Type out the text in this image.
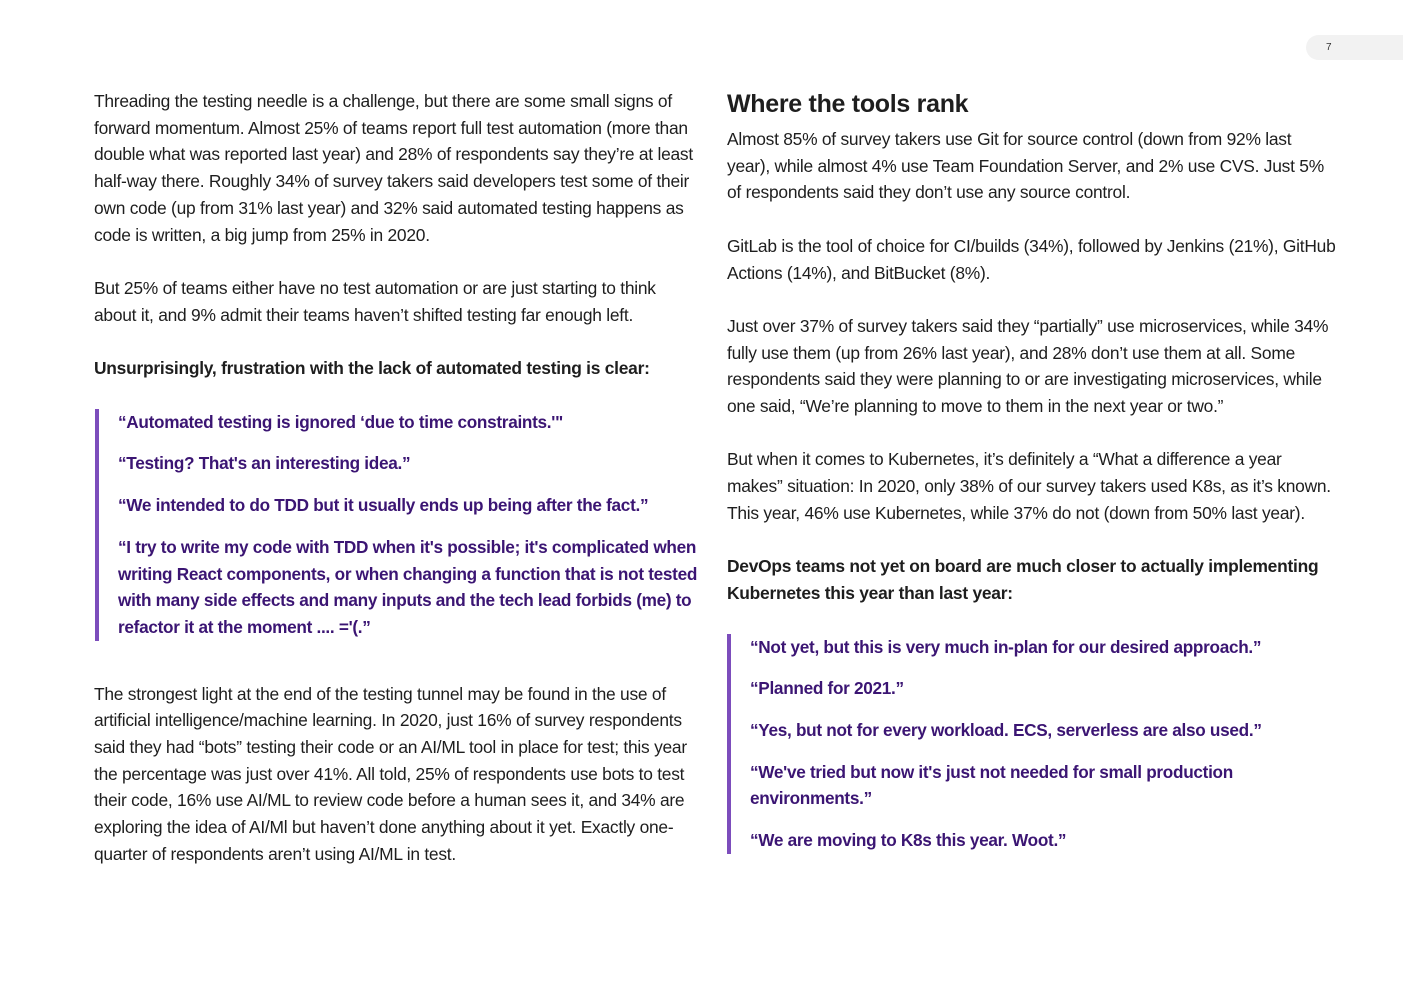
7

Threading the testing needle is a challenge, but there are some small signs of forward momentum. Almost 25% of teams report full test automation (more than double what was reported last year) and 28% of respondents say they’re at least half-way there. Roughly 34% of survey takers said developers test some of their own code (up from 31% last year) and 32% said automated testing happens as code is written, a big jump from 25% in 2020.

But 25% of teams either have no test automation or are just starting to think about it, and 9% admit their teams haven’t shifted testing far enough left.

Unsurprisingly, frustration with the lack of automated testing is clear:

“Automated testing is ignored ‘due to time constraints.'"

“Testing? That's an interesting idea.”

“We intended to do TDD but it usually ends up being after the fact.”

“I try to write my code with TDD when it's possible; it's complicated when writing React components, or when changing a function that is not tested with many side effects and many inputs and the tech lead forbids (me) to refactor it at the moment .... ='(.”

The strongest light at the end of the testing tunnel may be found in the use of artificial intelligence/machine learning. In 2020, just 16% of survey respondents said they had “bots” testing their code or an AI/ML tool in place for test; this year the percentage was just over 41%. All told, 25% of respondents use bots to test their code, 16% use AI/ML to review code before a human sees it, and 34% are exploring the idea of AI/Ml but haven’t done anything about it yet. Exactly one-quarter of respondents aren’t using AI/ML in test.

Where the tools rank

Almost 85% of survey takers use Git for source control (down from 92% last year), while almost 4% use Team Foundation Server, and 2% use CVS. Just 5% of respondents said they don’t use any source control.

GitLab is the tool of choice for CI/builds (34%), followed by Jenkins (21%), GitHub Actions (14%), and BitBucket (8%).

Just over 37% of survey takers said they “partially” use microservices, while 34% fully use them (up from 26% last year), and 28% don’t use them at all. Some respondents said they were planning to or are investigating microservices, while one said, “We’re planning to move to them in the next year or two.”

But when it comes to Kubernetes, it’s definitely a “What a difference a year makes” situation: In 2020, only 38% of our survey takers used K8s, as it’s known. This year, 46% use Kubernetes, while 37% do not (down from 50% last year).

DevOps teams not yet on board are much closer to actually implementing Kubernetes this year than last year:

“Not yet, but this is very much in-plan for our desired approach.”

“Planned for 2021.”

“Yes, but not for every workload. ECS, serverless are also used.”

“We've tried but now it's just not needed for small production environments.”

“We are moving to K8s this year. Woot.”
